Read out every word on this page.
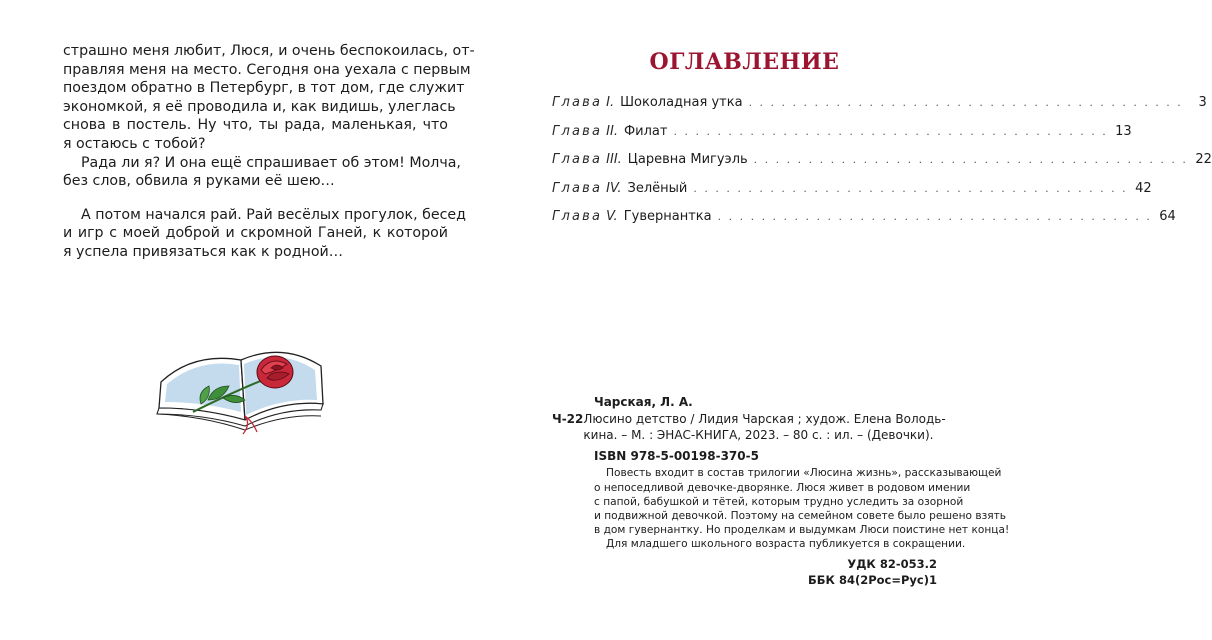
страшно меня любит, Люся, и очень беспокоилась, от-
правляя меня на место. Сегодня она уехала с первым
поездом обратно в Петербург, в тот дом, где служит
экономкой, я её проводила и, как видишь, улеглась
снова в постель. Ну что, ты рада, маленькая, что
я остаюсь с тобой?
Рада ли я? И она ещё спрашивает об этом! Молча,
без слов, обвила я руками её шею…
А потом начался рай. Рай весёлых прогулок, бесед
и игр с моей доброй и скромной Ганей, к которой
я успела привязаться как к родной…
ОГЛАВЛЕНИЕ
Глава I. Шоколадная утка . . . . . . . . . . . . . . . . . . . . . . . . . . . . . . . . . . . . . . . .	3
Глава II. Филат . . . . . . . . . . . . . . . . . . . . . . . . . . . . . . . . . . . . . . . . 13
Глава III. Царевна Мигуэль . . . . . . . . . . . . . . . . . . . . . . . . . . . . . . . . . . . . . . . . 22
Глава IV. Зелёный . . . . . . . . . . . . . . . . . . . . . . . . . . . . . . . . . . . . . . . . 42
Глава V. Гувернантка . . . . . . . . . . . . . . . . . . . . . . . . . . . . . . . . . . . . . . . . 64
Чарская, Л. А.
Ч-22 Люсино детство / Лидия Чарская ; худож. Елена Володь-
кина. – М. : ЭНАС-КНИГА, 2023. – 80 с. : ил. – (Девочки).
ISBN 978-5-00198-370-5
Повесть входит в состав трилогии «Люсина жизнь», рассказывающей
о непоседливой девочке-дворянке. Люся живет в родовом имении
с папой, бабушкой и тётей, которым трудно уследить за озорной
и подвижной девочкой. Поэтому на семейном совете было решено взять
в дом гувернантку. Но проделкам и выдумкам Люси поистине нет конца!
Для младшего школьного возраста публикуется в сокращении.
УДК 82-053.2
ББК 84(2Рос=Рус)1
